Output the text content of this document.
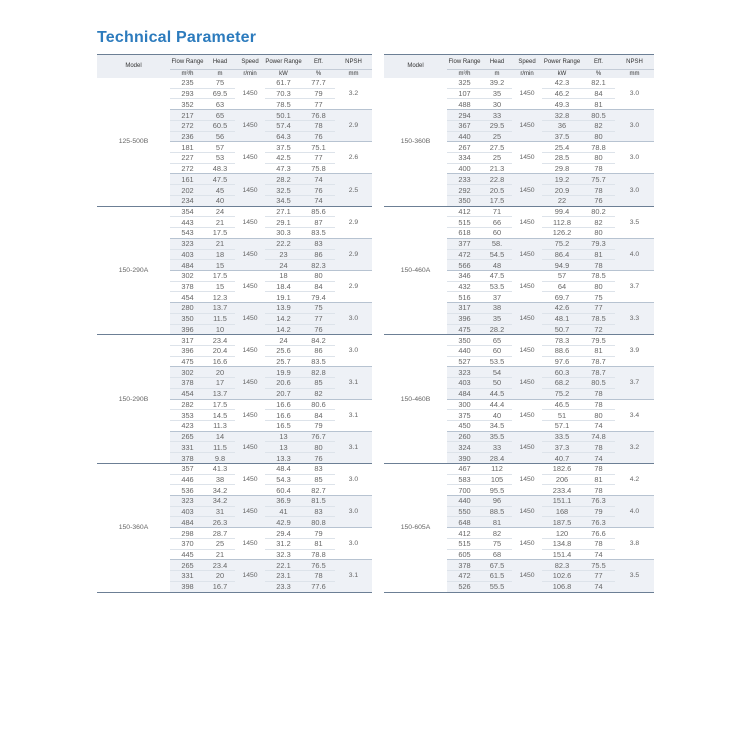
Technical Parameter
Model	Flow Range	Head	Speed	Power Range	Eff.	NPSH
	m³/h	m	r/min	kW	%	mm
125-500B	235	75	1450	61.7	77.7	3.2
	293	69.5		70.3	79	
	352	63		78.5	77	
	217	65	1450	50.1	76.8	2.9
	272	60.5		57.4	78	
	236	56		64.3	76	
	181	57	1450	37.5	75.1	2.6
	227	53		42.5	77	
	272	48.3		47.3	75.8	
	161	47.5	1450	28.2	74	2.5
	202	45		32.5	76	
	234	40		34.5	74	
150-290A	354	24	1450	27.1	85.6	2.9
	443	21		29.1	87	
	543	17.5		30.3	83.5	
	323	21	1450	22.2	83	2.9
	403	18		23	86	
	484	15		24	82.3	
	302	17.5	1450	18	80	2.9
	378	15		18.4	84	
	454	12.3		19.1	79.4	
	280	13.7	1450	13.9	75	3.0
	350	11.5		14.2	77	
	396	10		14.2	76	
150-290B	317	23.4	1450	24	84.2	3.0
	396	20.4		25.6	86	
	475	16.6		25.7	83.5	
	302	20	1450	19.9	82.8	3.1
	378	17		20.6	85	
	454	13.7		20.7	82	
	282	17.5	1450	16.6	80.6	3.1
	353	14.5		16.6	84	
	423	11.3		16.5	79	
	265	14	1450	13	76.7	3.1
	331	11.5		13	80	
	378	9.8		13.3	76	
150-360A	357	41.3	1450	48.4	83	3.0
	446	38		54.3	85	
	536	34.2		60.4	82.7	
	323	34.2	1450	36.9	81.5	3.0
	403	31		41	83	
	484	26.3		42.9	80.8	
	298	28.7	1450	29.4	79	3.0
	370	25		31.2	81	
	445	21		32.3	78.8	
	265	23.4	1450	22.1	76.5	3.1
	331	20		23.1	78	
	398	16.7		23.3	77.6	
Model	Flow Range	Head	Speed	Power Range	Eff.	NPSH
	m³/h	m	r/min	kW	%	mm
150-360B	325	39.2	1450	42.3	82.1	3.0
	107	35		46.2	84	
	488	30		49.3	81	
	294	33	1450	32.8	80.5	3.0
	367	29.5		36	82	
	440	25		37.5	80	
	267	27.5	1450	25.4	78.8	3.0
	334	25		28.5	80	
	400	21.3		29.8	78	
	233	22.8	1450	19.2	75.7	3.0
	292	20.5		20.9	78	
	350	17.5		22	76	
150-460A	412	71	1450	99.4	80.2	3.5
	515	66		112.8	82	
	618	60		126.2	80	
	377	58.	1450	75.2	79.3	4.0
	472	54.5		86.4	81	
	566	48		94.9	78	
	346	47.5	1450	57	78.5	3.7
	432	53.5		64	80	
	516	37		69.7	75	
	317	38	1450	42.6	77	3.3
	396	35		48.1	78.5	
	475	28.2		50.7	72	
150-460B	350	65	1450	78.3	79.5	3.9
	440	60		88.6	81	
	527	53.5		97.6	78.7	
	323	54	1450	60.3	78.7	3.7
	403	50		68.2	80.5	
	484	44.5		75.2	78	
	300	44.4	1450	46.5	78	3.4
	375	40		51	80	
	450	34.5		57.1	74	
	260	35.5	1450	33.5	74.8	3.2
	324	33		37.3	78	
	390	28.4		40.7	74	
150-605A	467	112	1450	182.6	78	4.2
	583	105		206	81	
	700	95.5		233.4	78	
	440	96	1450	151.1	76.3	4.0
	550	88.5		168	79	
	648	81		187.5	76.3	
	412	82	1450	120	76.6	3.8
	515	75		134.8	78	
	605	68		151.4	74	
	378	67.5	1450	82.3	75.5	3.5
	472	61.5		102.6	77	
	526	55.5		106.8	74	
